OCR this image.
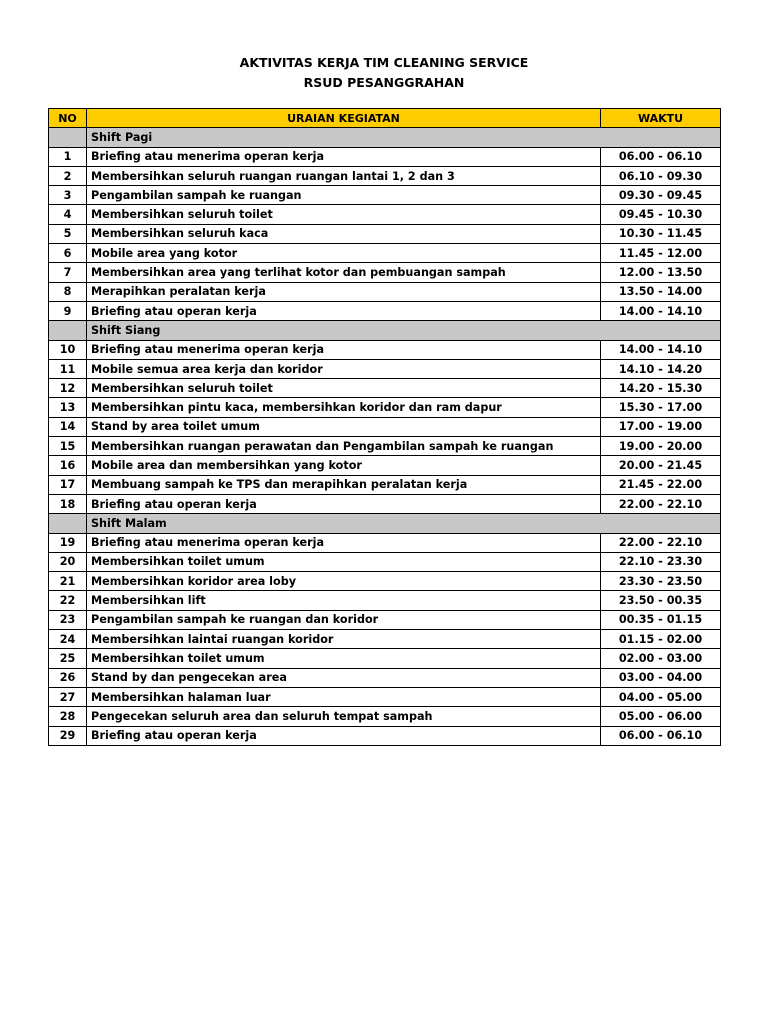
AKTIVITAS KERJA TIM CLEANING SERVICE
RSUD PESANGGRAHAN
NO	URAIAN KEGIATAN	WAKTU
	Shift Pagi	
1	Briefing atau menerima operan kerja	06.00 - 06.10
2	Membersihkan seluruh ruangan ruangan lantai 1, 2 dan 3	06.10 - 09.30
3	Pengambilan sampah ke ruangan	09.30 - 09.45
4	Membersihkan seluruh toilet	09.45 - 10.30
5	Membersihkan seluruh kaca	10.30 - 11.45
6	Mobile area yang kotor	11.45 - 12.00
7	Membersihkan area yang terlihat kotor dan pembuangan sampah	12.00 - 13.50
8	Merapihkan peralatan kerja	13.50 - 14.00
9	Briefing atau operan kerja	14.00 - 14.10
	Shift Siang	
10	Briefing atau menerima operan kerja	14.00 - 14.10
11	Mobile semua area kerja dan koridor	14.10 - 14.20
12	Membersihkan seluruh toilet	14.20 - 15.30
13	Membersihkan pintu kaca, membersihkan koridor dan ram dapur	15.30 - 17.00
14	Stand by area toilet umum	17.00 - 19.00
15	Membersihkan ruangan perawatan dan Pengambilan sampah ke ruangan	19.00 - 20.00
16	Mobile area dan membersihkan yang kotor	20.00 - 21.45
17	Membuang sampah ke TPS dan merapihkan peralatan kerja	21.45 - 22.00
18	Briefing atau operan kerja	22.00 - 22.10
	Shift Malam	
19	Briefing atau menerima operan kerja	22.00 - 22.10
20	Membersihkan toilet umum	22.10 - 23.30
21	Membersihkan koridor area loby	23.30 - 23.50
22	Membersihkan lift	23.50 - 00.35
23	Pengambilan sampah ke ruangan dan koridor	00.35 - 01.15
24	Membersihkan laintai ruangan koridor	01.15 - 02.00
25	Membersihkan toilet umum	02.00 - 03.00
26	Stand by dan pengecekan area	03.00 - 04.00
27	Membersihkan halaman luar	04.00 - 05.00
28	Pengecekan seluruh area dan seluruh tempat sampah	05.00 - 06.00
29	Briefing atau operan kerja	06.00 - 06.10
